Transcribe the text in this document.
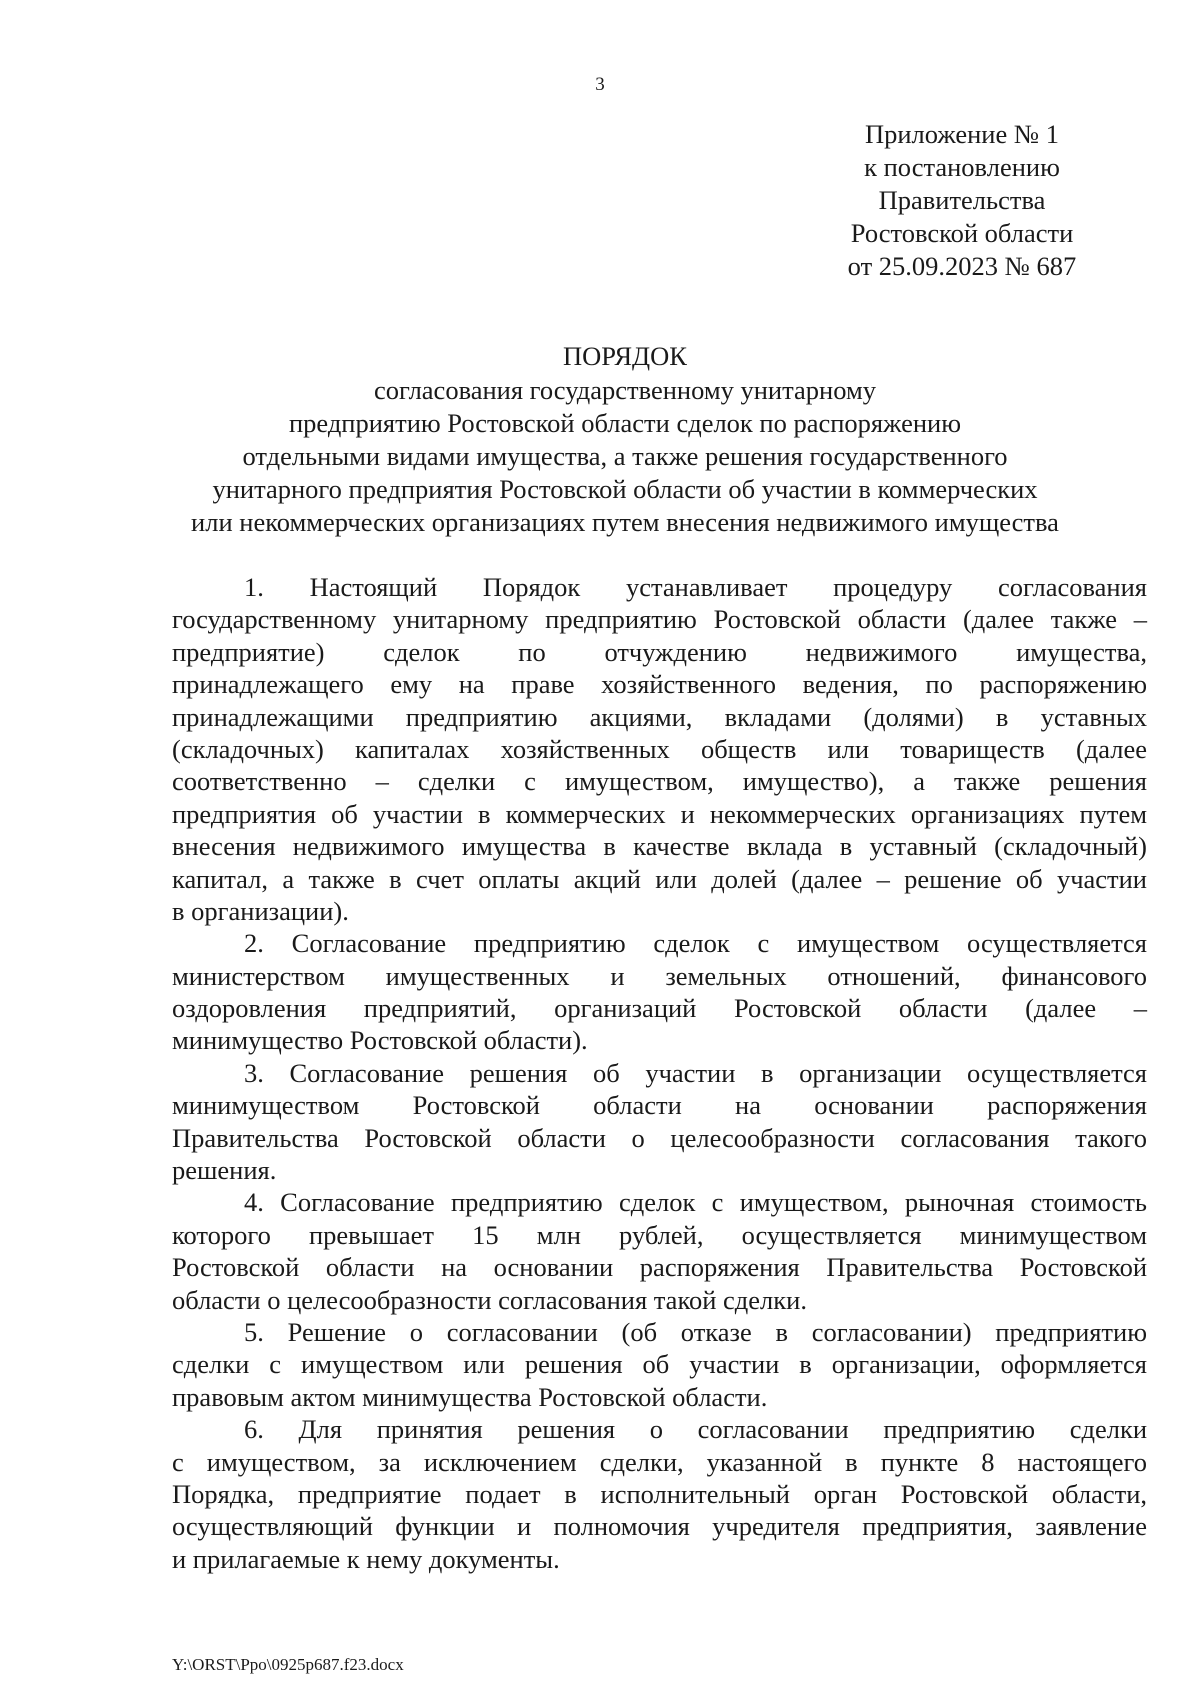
3
Приложение № 1
к постановлению
Правительства
Ростовской области
от 25.09.2023 № 687
ПОРЯДОК
согласования государственному унитарному
предприятию Ростовской области сделок по распоряжению
отдельными видами имущества, а также решения государственного
унитарного предприятия Ростовской области об участии в коммерческих
или некоммерческих организациях путем внесения недвижимого имущества
1. Настоящий Порядок устанавливает процедуру согласования
государственному унитарному предприятию Ростовской области (далее также –
предприятие) сделок по отчуждению недвижимого имущества,
принадлежащего ему на праве хозяйственного ведения, по распоряжению
принадлежащими предприятию акциями, вкладами (долями) в уставных
(складочных) капиталах хозяйственных обществ или товариществ (далее
соответственно – сделки с имуществом, имущество), а также решения
предприятия об участии в коммерческих и некоммерческих организациях путем
внесения недвижимого имущества в качестве вклада в уставный (складочный)
капитал, а также в счет оплаты акций или долей (далее – решение об участии
в организации).
2. Согласование предприятию сделок с имуществом осуществляется
министерством имущественных и земельных отношений, финансового
оздоровления предприятий, организаций Ростовской области (далее –
минимущество Ростовской области).
3. Согласование решения об участии в организации осуществляется
минимуществом Ростовской области на основании распоряжения
Правительства Ростовской области о целесообразности согласования такого
решения.
4. Согласование предприятию сделок с имуществом, рыночная стоимость
которого превышает 15 млн рублей, осуществляется минимуществом
Ростовской области на основании распоряжения Правительства Ростовской
области о целесообразности согласования такой сделки.
5. Решение о согласовании (об отказе в согласовании) предприятию
сделки с имуществом или решения об участии в организации, оформляется
правовым актом минимущества Ростовской области.
6. Для принятия решения о согласовании предприятию сделки
с имуществом, за исключением сделки, указанной в пункте 8 настоящего
Порядка, предприятие подает в исполнительный орган Ростовской области,
осуществляющий функции и полномочия учредителя предприятия, заявление
и прилагаемые к нему документы.
Y:\ORST\Ppo\0925p687.f23.docx
